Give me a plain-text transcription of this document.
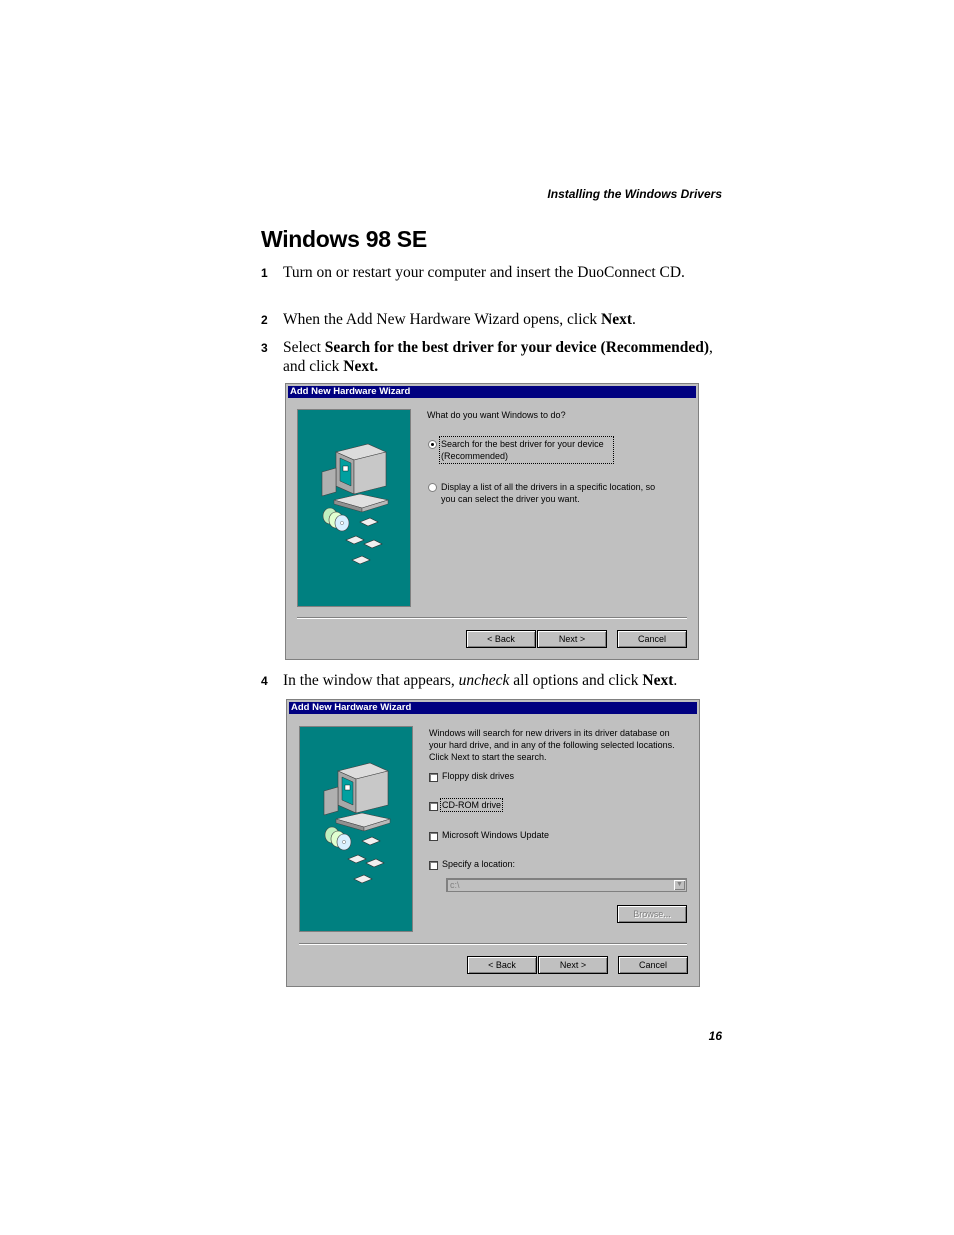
Installing the Windows Drivers
Windows 98 SE
1 Turn on or restart your computer and insert the DuoConnect CD.
2 When the Add New Hardware Wizard opens, click Next.
3 Select Search for the best driver for your device (Recommended), and click Next.
Add New Hardware Wizard
What do you want Windows to do?
Search for the best driver for your device
(Recommended)
Display a list of all the drivers in a specific location, so
you can select the driver you want.
< Back	Next >	Cancel
4 In the window that appears, uncheck all options and click Next.
Add New Hardware Wizard
Windows will search for new drivers in its driver database on
your hard drive, and in any of the following selected locations.
Click Next to start the search.
Floppy disk drives
CD-ROM drive
Microsoft Windows Update
Specify a location:
c:\	▼
Browse...
< Back	Next >	Cancel
16
